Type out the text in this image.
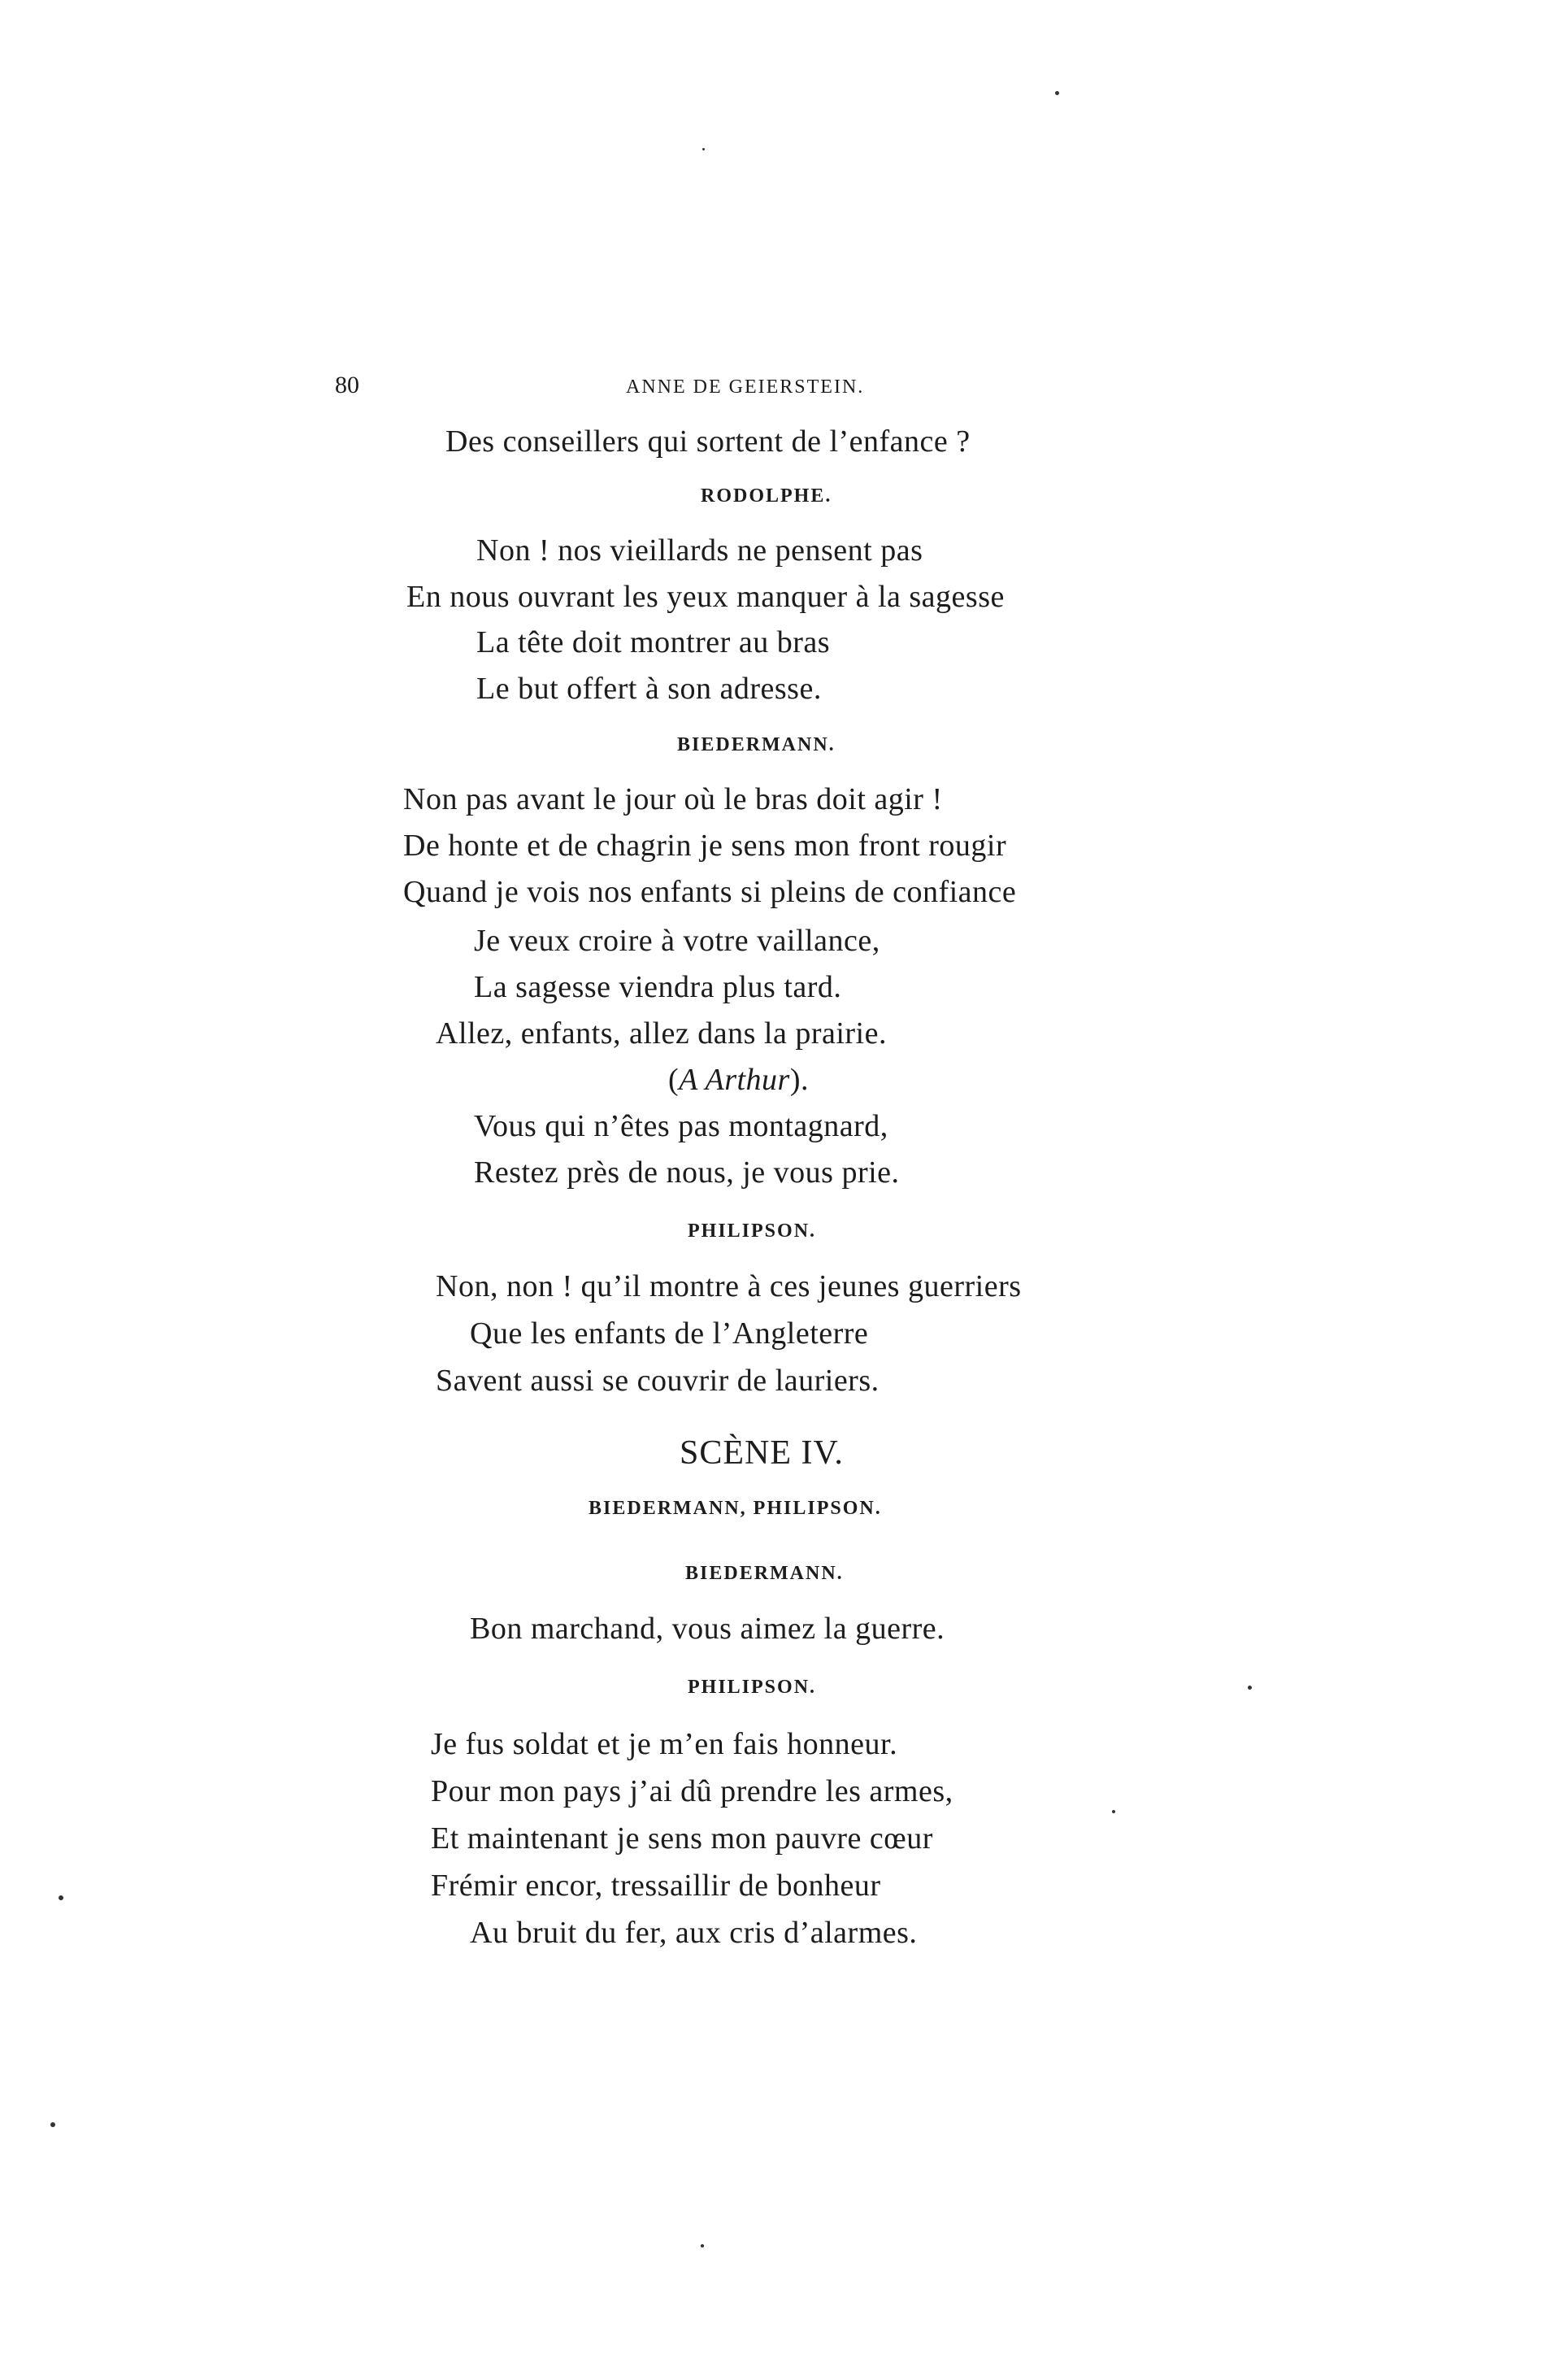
80	ANNE DE GEIERSTEIN.
Des conseillers qui sortent de l’enfance ?
RODOLPHE.
Non ! nos vieillards ne pensent pas
En nous ouvrant les yeux manquer à la sagesse
La tête doit montrer au bras
Le but offert à son adresse.
BIEDERMANN.
Non pas avant le jour où le bras doit agir !
De honte et de chagrin je sens mon front rougir
Quand je vois nos enfants si pleins de confiance
Je veux croire à votre vaillance,
La sagesse viendra plus tard.
Allez, enfants, allez dans la prairie.
(A Arthur).
Vous qui n’êtes pas montagnard,
Restez près de nous, je vous prie.
PHILIPSON.
Non, non ! qu’il montre à ces jeunes guerriers
Que les enfants de l’Angleterre
Savent aussi se couvrir de lauriers.
SCÈNE IV.
BIEDERMANN, PHILIPSON.
BIEDERMANN.
Bon marchand, vous aimez la guerre.
PHILIPSON.
Je fus soldat et je m’en fais honneur.
Pour mon pays j’ai dû prendre les armes,
Et maintenant je sens mon pauvre cœur
Frémir encor, tressaillir de bonheur
Au bruit du fer, aux cris d’alarmes.
